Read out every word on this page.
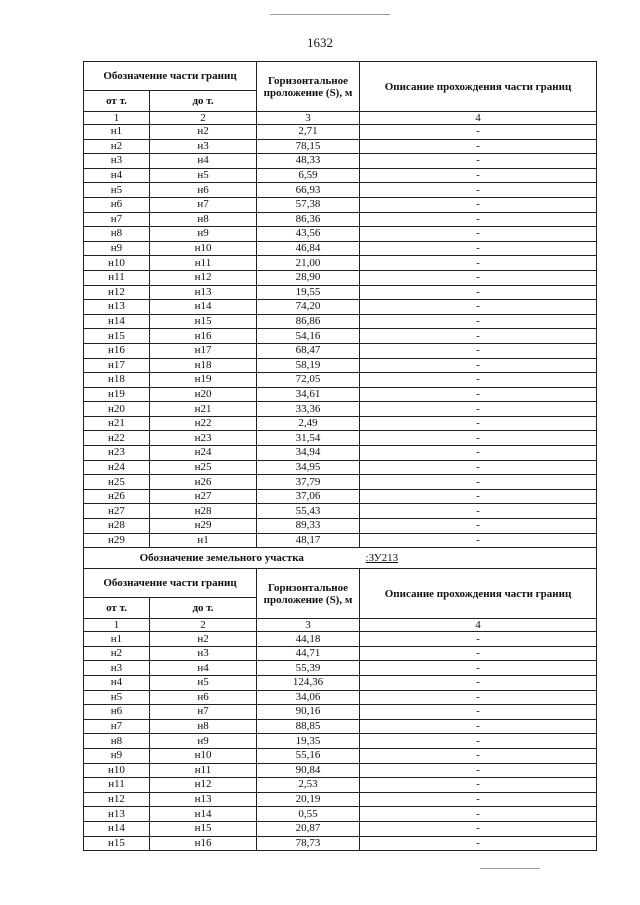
1632
Обозначение части границ		Горизонтальное проложение (S), м	Описание прохождения части границ
от т.	до т.		
1	2	3	4
н1	н2	2,71	-
н2	н3	78,15	-
н3	н4	48,33	-
н4	н5	6,59	-
н5	н6	66,93	-
н6	н7	57,38	-
н7	н8	86,36	-
н8	н9	43,56	-
н9	н10	46,84	-
н10	н11	21,00	-
н11	н12	28,90	-
н12	н13	19,55	-
н13	н14	74,20	-
н14	н15	86,86	-
н15	н16	54,16	-
н16	н17	68,47	-
н17	н18	58,19	-
н18	н19	72,05	-
н19	н20	34,61	-
н20	н21	33,36	-
н21	н22	2,49	-
н22	н23	31,54	-
н23	н24	34,94	-
н24	н25	34,95	-
н25	н26	37,79	-
н26	н27	37,06	-
н27	н28	55,43	-
н28	н29	89,33	-
н29	н1	48,17	-
Обозначение земельного участка			:ЗУ213
Обозначение части границ		Горизонтальное проложение (S), м	Описание прохождения части границ
от т.	до т.		
1	2	3	4
н1	н2	44,18	-
н2	н3	44,71	-
н3	н4	55,39	-
н4	н5	124,36	-
н5	н6	34,06	-
н6	н7	90,16	-
н7	н8	88,85	-
н8	н9	19,35	-
н9	н10	55,16	-
н10	н11	90,84	-
н11	н12	2,53	-
н12	н13	20,19	-
н13	н14	0,55	-
н14	н15	20,87	-
н15	н16	78,73	-
